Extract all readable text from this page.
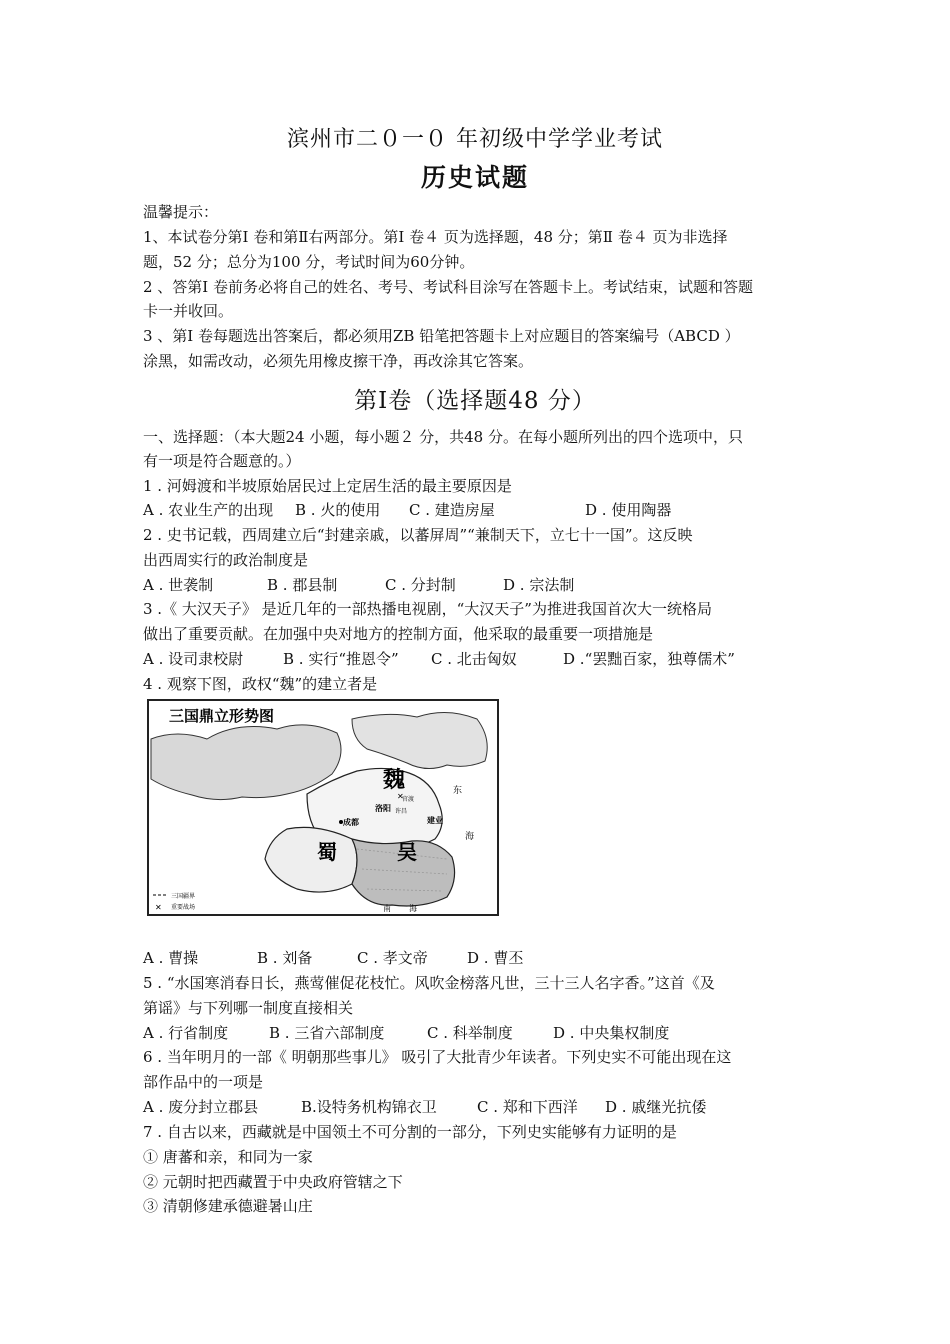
滨州市二０一０ 年初级中学学业考试
历史试题
温馨提示：
1、本试卷分第Ⅰ 卷和第Ⅱ右两部分。第Ⅰ 卷４ 页为选择题，48 分；第Ⅱ 卷４ 页为非选择
题，52 分；总分为100 分，考试时间为60分钟。
2 、答第Ⅰ 卷前务必将自己的姓名、考号、考试科目涂写在答题卡上。考试结束，试题和答题
卡一并收回。
3 、第Ⅰ 卷每题选出答案后，都必须用ZB 铅笔把答题卡上对应题目的答案编号（ABCD ）
涂黑，如需改动，必须先用橡皮擦干净，再改涂其它答案。
第Ⅰ卷（选择题48 分）
一、选择题：（本大题24 小题，每小题２ 分，共48 分。在每小题所列出的四个选项中，只
有一项是符合题意的。）
1 . 河姆渡和半坡原始居民过上定居生活的最主要原因是
A . 农业生产的出现 B . 火的使用 C . 建造房屋	D . 使用陶器
2 . 史书记载，西周建立后“封建亲戚，以蕃屏周”“兼制天下，立七十一国”。这反映
出西周实行的政治制度是
A . 世袭制	B . 郡县制	C . 分封制	D . 宗法制
3 .《 大汉天子》 是近几年的一部热播电视剧，“大汉天子”为推进我国首次大一统格局
做出了重要贡献。在加强中央对地方的控制方面，他采取的最重要一项措施是
A . 设司隶校尉	B . 实行“推恩令” C . 北击匈奴	D .“罢黜百家，独尊儒术”
4 . 观察下图，政权“魏”的建立者是
三国鼎立形势图
魏
蜀	吴
洛阳
成都	建业
官渡
许昌
✕
东
海
南 海
三国疆界
✕ 重要战场
A . 曹操	B . 刘备	C . 孝文帝	D . 曹丕
5 . “水国寒消春日长，燕莺催促花枝忙。风吹金榜落凡世，三十三人名字香。”这首《及
第谣》与下列哪一制度直接相关
A . 行省制度	B . 三省六部制度	C . 科举制度	D . 中央集权制度
6 . 当年明月的一部《 明朝那些事儿》 吸引了大批青少年读者。下列史实不可能出现在这
部作品中的一项是
A . 废分封立郡县	B.设特务机构锦衣卫	C . 郑和下西洋 D . 戚继光抗倭
7 . 自古以来，西藏就是中国领土不可分割的一部分，下列史实能够有力证明的是
① 唐蕃和亲，和同为一家
② 元朝时把西藏置于中央政府管辖之下
③ 清朝修建承德避暑山庄
